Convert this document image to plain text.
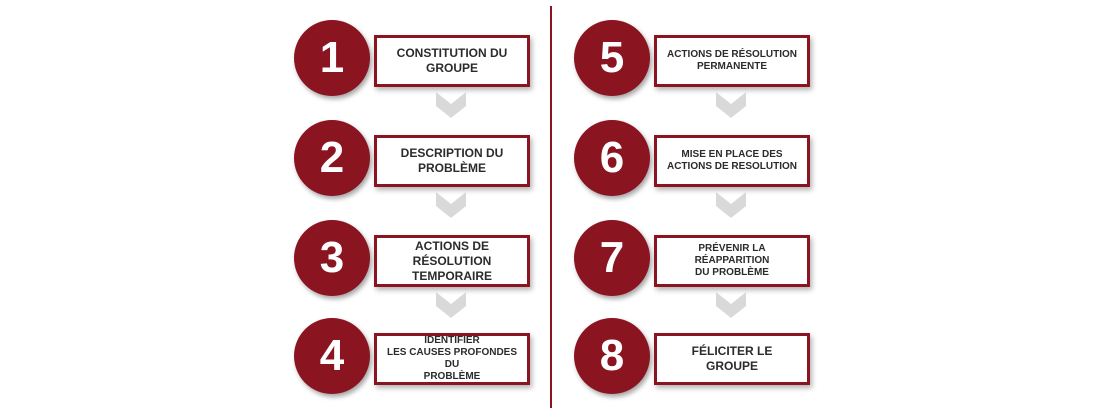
1	CONSTITUTION DU
GROUPE
2	DESCRIPTION DU
PROBLÈME
3	ACTIONS DE RÉSOLUTION
TEMPORAIRE
4	IDENTIFIER
LES CAUSES PROFONDES DU
PROBLÈME
5	ACTIONS DE RÉSOLUTION
PERMANENTE
6	MISE EN PLACE DES
ACTIONS DE RESOLUTION
7	PRÉVENIR LA RÉAPPARITION
DU PROBLÈME
8	FÉLICITER LE
GROUPE
